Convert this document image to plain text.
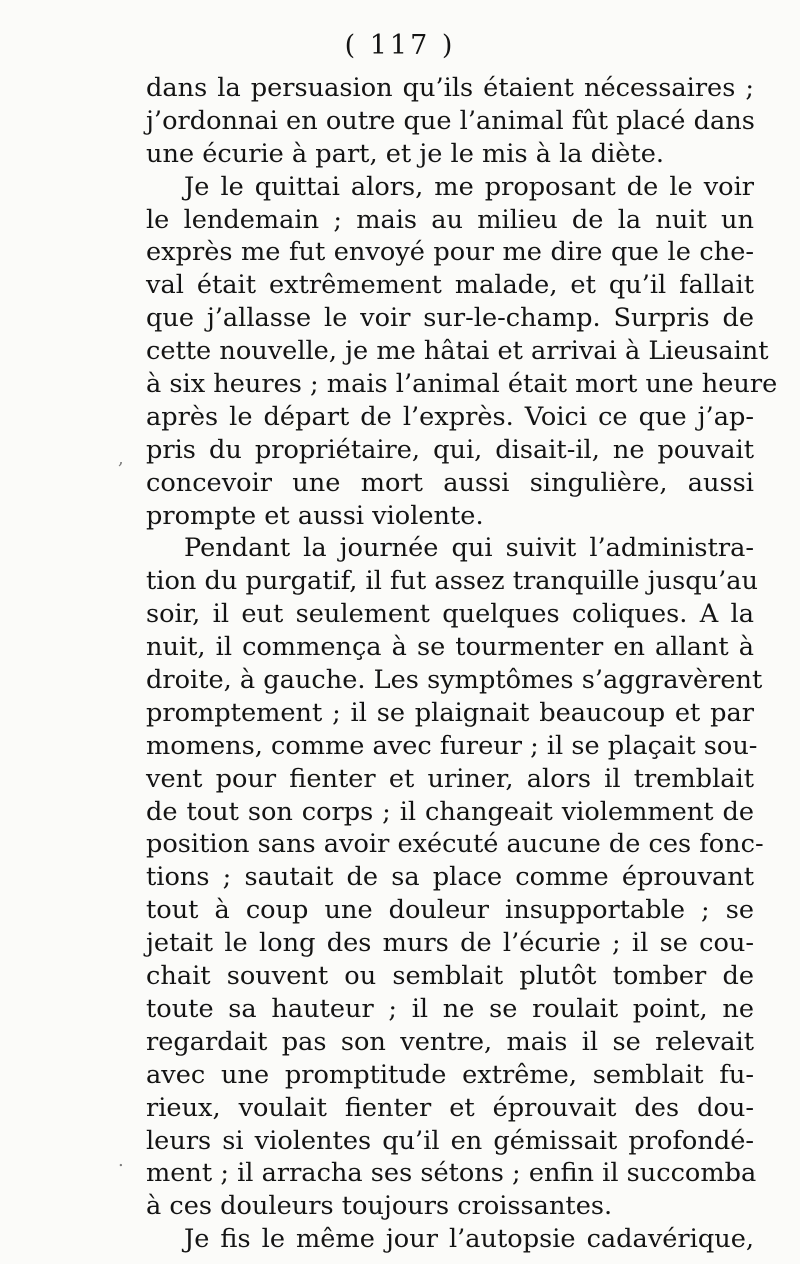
( 117 )
,
.
dans la persuasion qu’ils étaient nécessaires ;
j’ordonnai en outre que l’animal fût placé dans
une écurie à part, et je le mis à la diète.
Je le quittai alors, me proposant de le voir
le lendemain ; mais au milieu de la nuit un
exprès me fut envoyé pour me dire que le che-
val était extrêmement malade, et qu’il fallait
que j’allasse le voir sur-le-champ. Surpris de
cette nouvelle, je me hâtai et arrivai à Lieusaint
à six heures ; mais l’animal était mort une heure
après le départ de l’exprès. Voici ce que j’ap-
pris du propriétaire, qui, disait-il, ne pouvait
concevoir une mort aussi singulière, aussi
prompte et aussi violente.
Pendant la journée qui suivit l’administra-
tion du purgatif, il fut assez tranquille jusqu’au
soir, il eut seulement quelques coliques. A la
nuit, il commença à se tourmenter en allant à
droite, à gauche. Les symptômes s’aggravèrent
promptement ; il se plaignait beaucoup et par
momens, comme avec fureur ; il se plaçait sou-
vent pour fienter et uriner, alors il tremblait
de tout son corps ; il changeait violemment de
position sans avoir exécuté aucune de ces fonc-
tions ; sautait de sa place comme éprouvant
tout à coup une douleur insupportable ; se
jetait le long des murs de l’écurie ; il se cou-
chait souvent ou semblait plutôt tomber de
toute sa hauteur ; il ne se roulait point, ne
regardait pas son ventre, mais il se relevait
avec une promptitude extrême, semblait fu-
rieux, voulait fienter et éprouvait des dou-
leurs si violentes qu’il en gémissait profondé-
ment ; il arracha ses sétons ; enfin il succomba
à ces douleurs toujours croissantes.
Je fis le même jour l’autopsie cadavérique,
